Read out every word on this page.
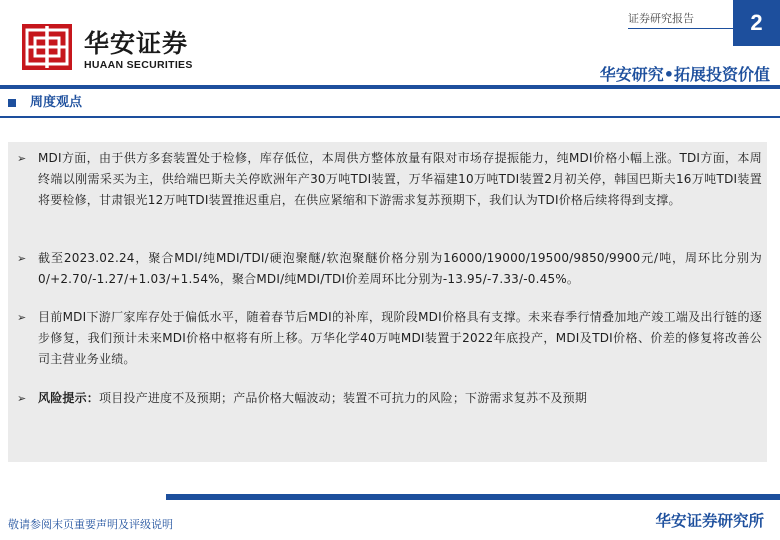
华安证券
HUAAN SECURITIES
证券研究报告	2
华安研究•拓展投资价值
周度观点
➢ MDI方面，由于供方多套装置处于检修，库存低位，本周供方整体放量有限对市场存提振能力，纯MDI价格小幅上涨。TDI方面，本周终端以刚需采买为主，供给端巴斯夫关停欧洲年产30万吨TDI装置，万华福建10万吨TDI装置2月初关停，韩国巴斯夫16万吨TDI装置将要检修，甘肃银光12万吨TDI装置推迟重启，在供应紧缩和下游需求复苏预期下，我们认为TDI价格后续将得到支撑。
➢ 截至2023.02.24，聚合MDI/纯MDI/TDI/硬泡聚醚/软泡聚醚价格分别为16000/19000/19500/9850/9900元/吨，周环比分别为0/+2.70/-1.27/+1.03/+1.54%，聚合MDI/纯MDI/TDI价差周环比分别为-13.95/-7.33/-0.45%。
➢ 目前MDI下游厂家库存处于偏低水平，随着春节后MDI的补库，现阶段MDI价格具有支撑。未来春季行情叠加地产竣工端及出行链的逐步修复，我们预计未来MDI价格中枢将有所上移。万华化学40万吨MDI装置于2022年底投产，MDI及TDI价格、价差的修复将改善公司主营业务业绩。
➢ 风险提示：项目投产进度不及预期；产品价格大幅波动；装置不可抗力的风险；下游需求复苏不及预期
敬请参阅末页重要声明及评级说明	华安证券研究所
